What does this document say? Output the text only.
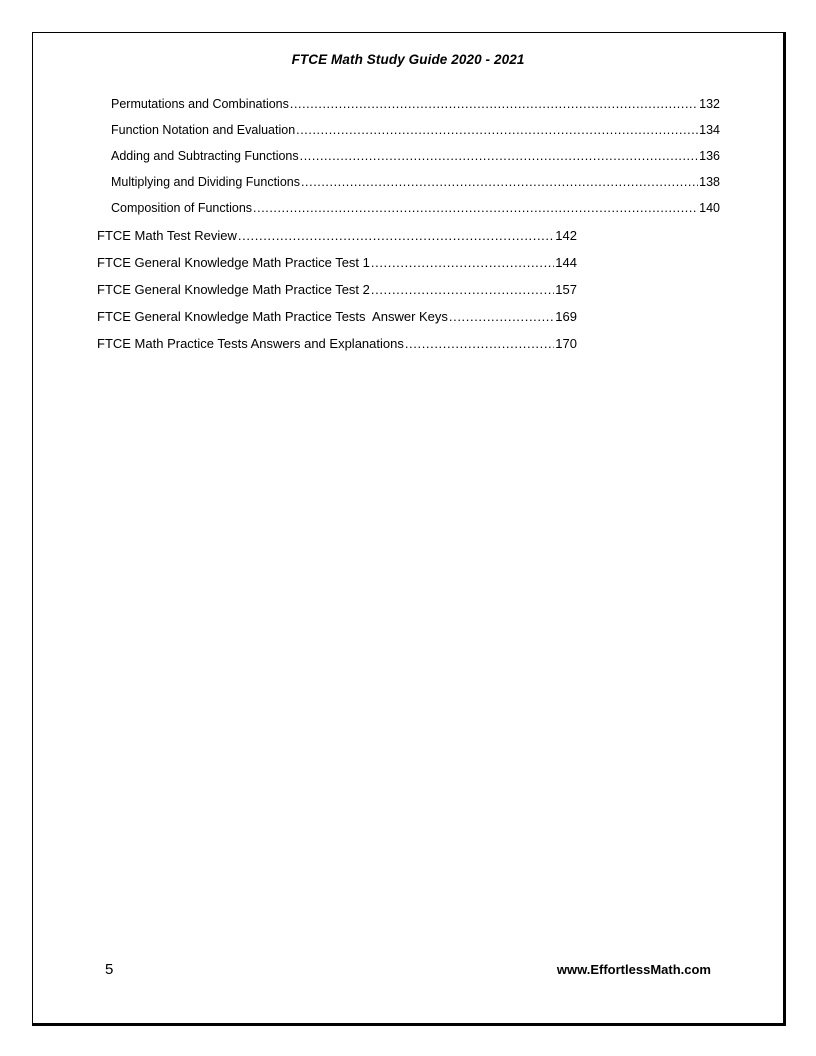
FTCE Math Study Guide 2020 - 2021
Permutations and Combinations .....	132
Function Notation and Evaluation .....	134
Adding and Subtracting Functions .....	136
Multiplying and Dividing Functions .....	138
Composition of Functions .....	140
FTCE Math Test Review .....	142
FTCE General Knowledge Math Practice Test 1 .....	144
FTCE General Knowledge Math Practice Test 2 .....	157
FTCE General Knowledge Math Practice Tests  Answer Keys .....	169
FTCE Math Practice Tests Answers and Explanations .....	170
5	www.EffortlessMath.com
